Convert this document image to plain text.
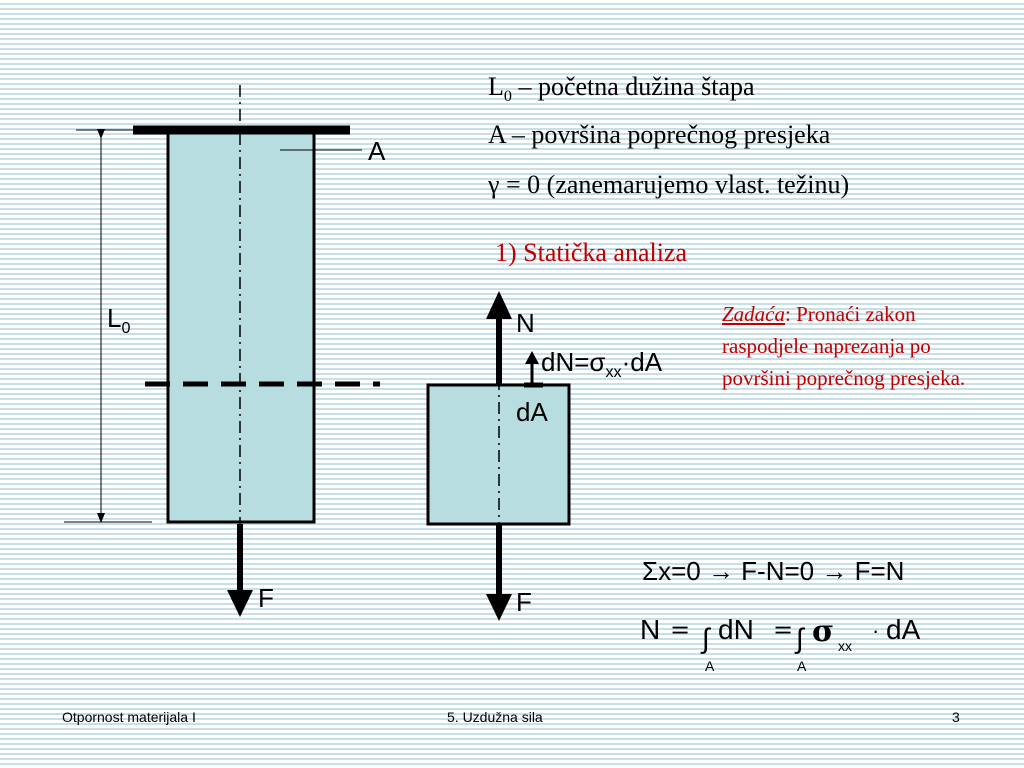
$L_0$ – početna dužina štapa
A – površina poprečnog presjeka
γ = 0 (zanemarujemo vlast. težinu)
1) Statička analiza
Zadaća: Pronaći zakon raspodjele naprezanja po površini poprečnog presjeka.
∫	∫
A
$L_0$
F
N
$dN=\sigma_{xx}\cdot dA$
dA
F
Σx=0 → F-N=0 → F=N
N = dN = σ xx
· dA
A	A
Otpornost materijala I	5. Uzdužna sila	3
